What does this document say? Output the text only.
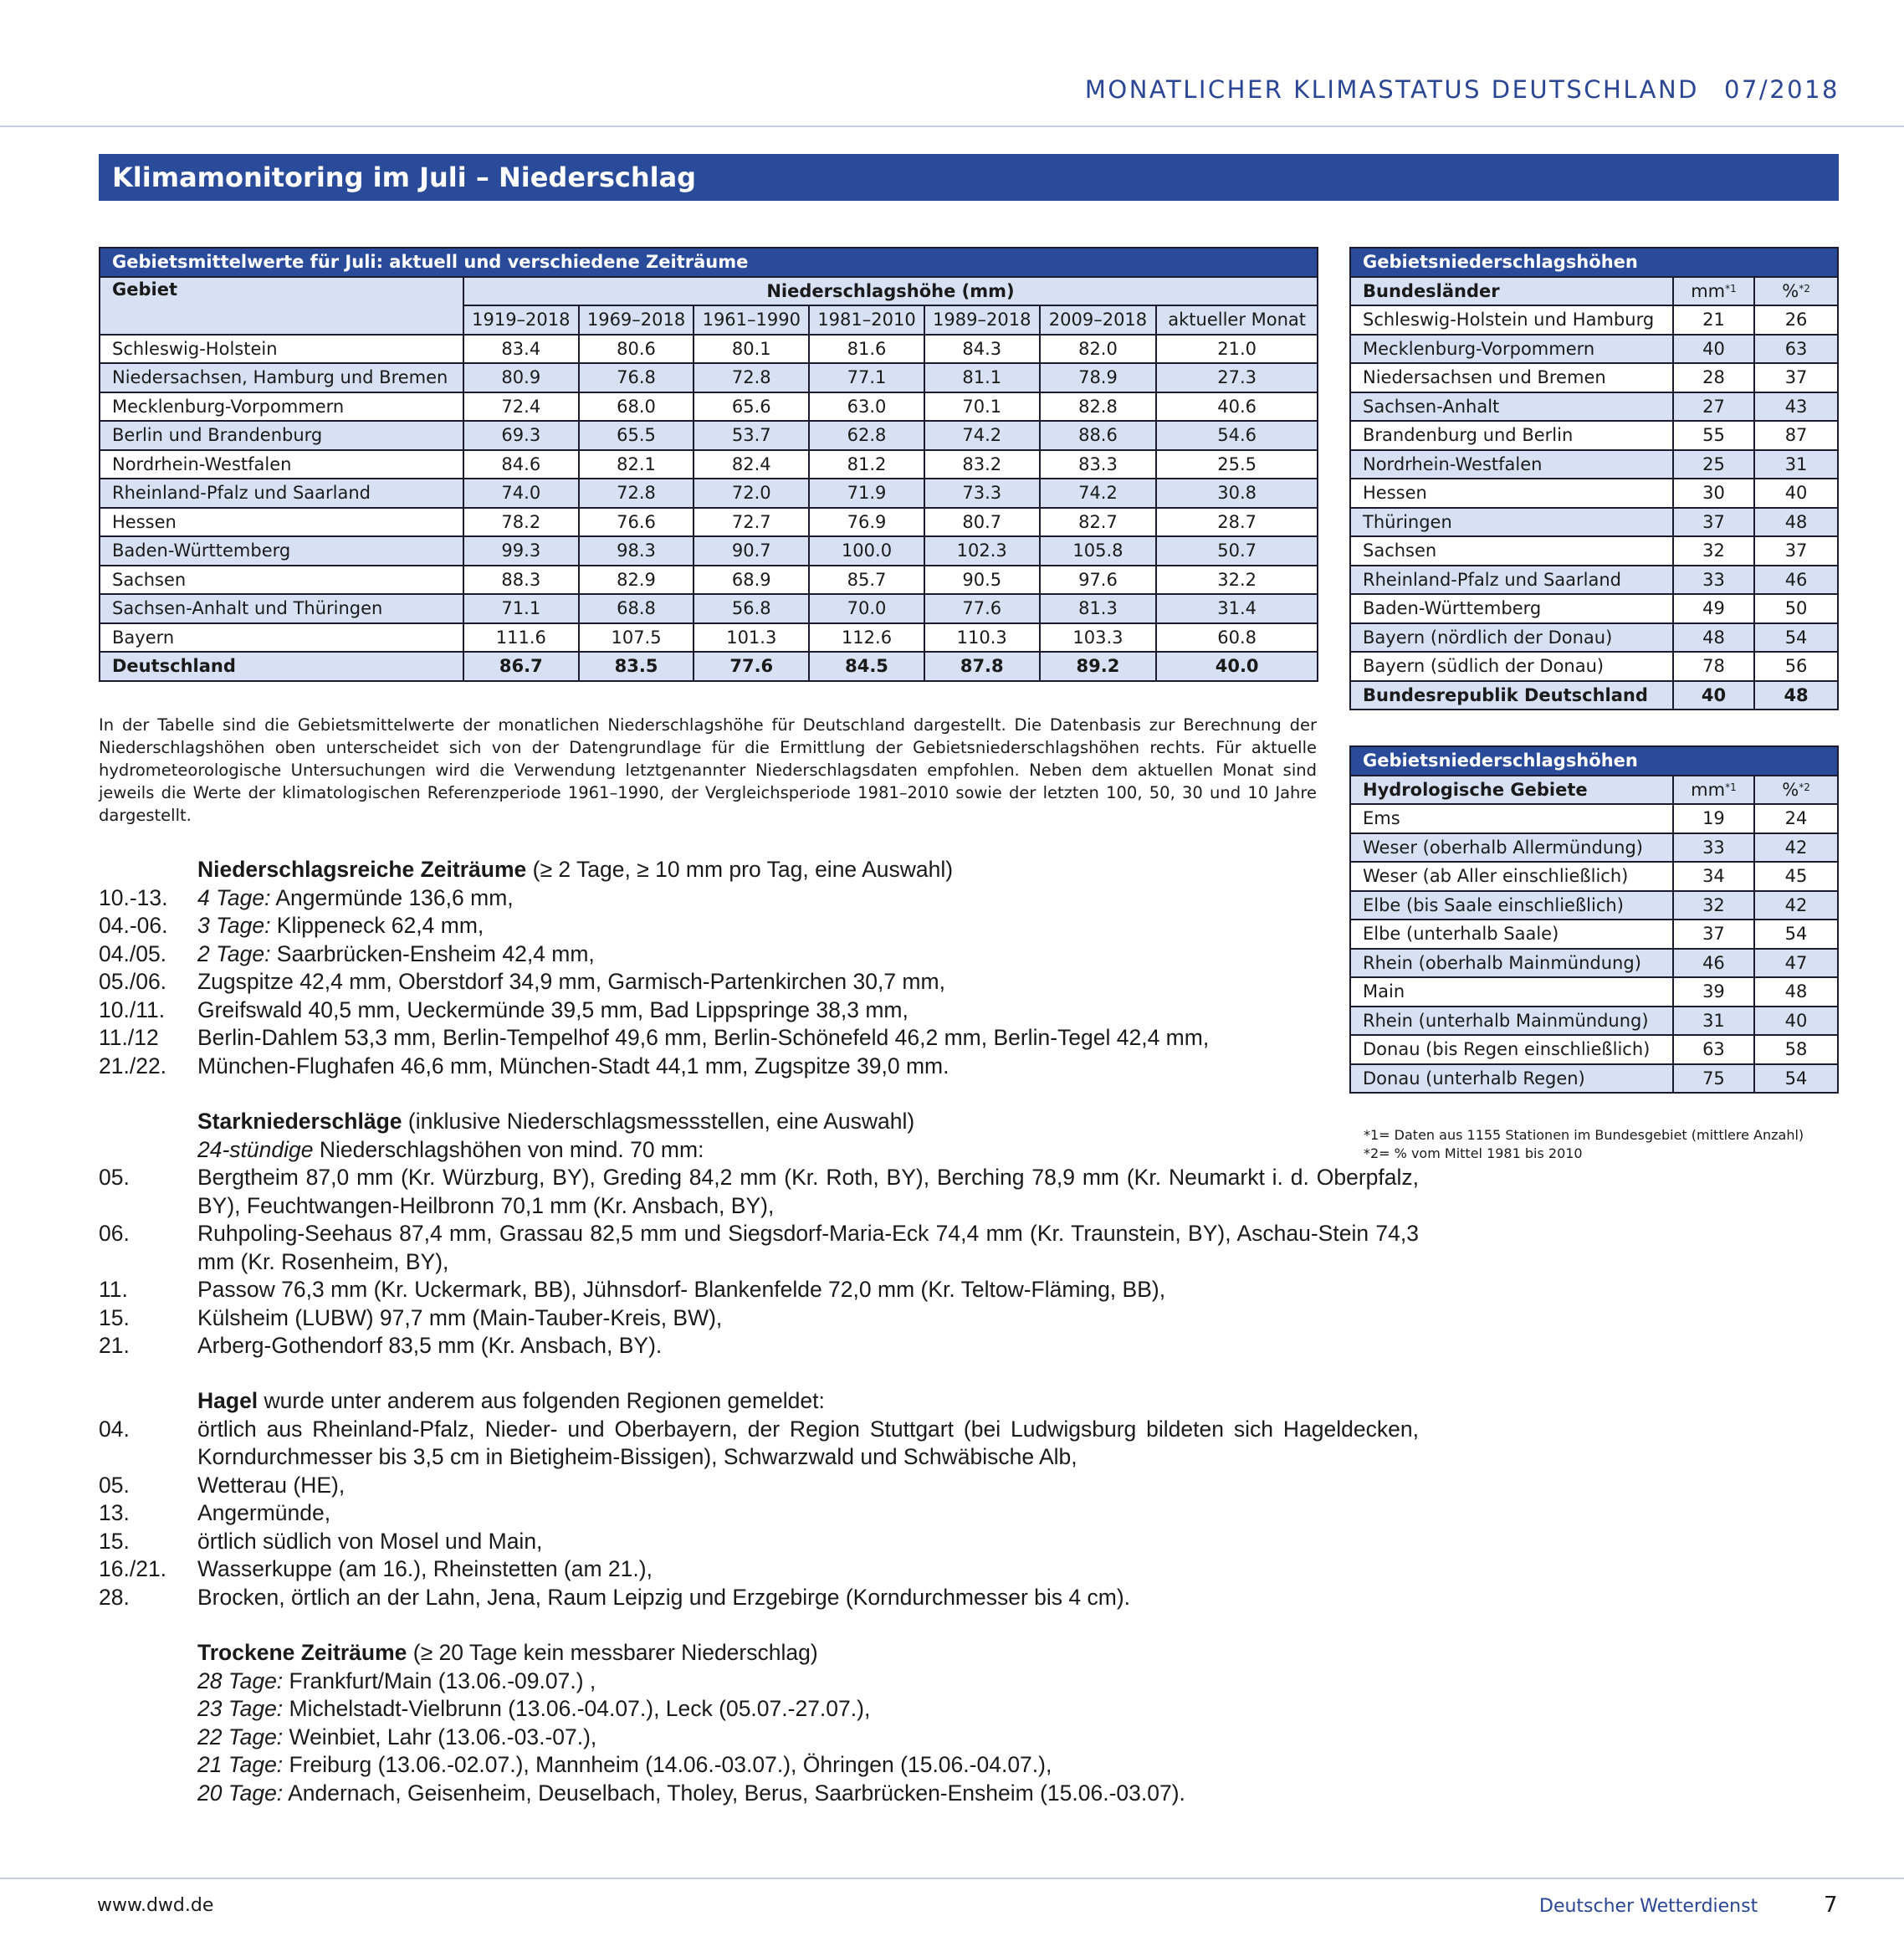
MONATLICHER KLIMASTATUS DEUTSCHLAND 07/2018
Klimamonitoring im Juli – Niederschlag
Gebietsmittelwerte für Juli: aktuell und verschiedene Zeiträume							
Gebiet	Niederschlagshöhe (mm)						
	1919–2018	1969–2018	1961–1990	1981–2010	1989–2018	2009–2018	aktueller Monat
Schleswig-Holstein	83.4	80.6	80.1	81.6	84.3	82.0	21.0
Niedersachsen, Hamburg und Bremen	80.9	76.8	72.8	77.1	81.1	78.9	27.3
Mecklenburg-Vorpommern	72.4	68.0	65.6	63.0	70.1	82.8	40.6
Berlin und Brandenburg	69.3	65.5	53.7	62.8	74.2	88.6	54.6
Nordrhein-Westfalen	84.6	82.1	82.4	81.2	83.2	83.3	25.5
Rheinland-Pfalz und Saarland	74.0	72.8	72.0	71.9	73.3	74.2	30.8
Hessen	78.2	76.6	72.7	76.9	80.7	82.7	28.7
Baden-Württemberg	99.3	98.3	90.7	100.0	102.3	105.8	50.7
Sachsen	88.3	82.9	68.9	85.7	90.5	97.6	32.2
Sachsen-Anhalt und Thüringen	71.1	68.8	56.8	70.0	77.6	81.3	31.4
Bayern	111.6	107.5	101.3	112.6	110.3	103.3	60.8
Deutschland	86.7	83.5	77.6	84.5	87.8	89.2	40.0
Gebietsniederschlagshöhen		
Bundesländer	$mm^{*1}$	%$^{*2}$
Schleswig-Holstein und Hamburg	21	26
Mecklenburg-Vorpommern	40	63
Niedersachsen und Bremen	28	37
Sachsen-Anhalt	27	43
Brandenburg und Berlin	55	87
Nordrhein-Westfalen	25	31
Hessen	30	40
Thüringen	37	48
Sachsen	32	37
Rheinland-Pfalz und Saarland	33	46
Baden-Württemberg	49	50
Bayern (nördlich der Donau)	48	54
Bayern (südlich der Donau)	78	56
Bundesrepublik Deutschland	40	48
Gebietsniederschlagshöhen		
Hydrologische Gebiete	$mm^{*1}$	%$^{*2}$
Ems	19	24
Weser (oberhalb Allermündung)	33	42
Weser (ab Aller einschließlich)	34	45
Elbe (bis Saale einschließlich)	32	42
Elbe (unterhalb Saale)	37	54
Rhein (oberhalb Mainmündung)	46	47
Main	39	48
Rhein (unterhalb Mainmündung)	31	40
Donau (bis Regen einschließlich)	63	58
Donau (unterhalb Regen)	75	54
*1= Daten aus 1155 Stationen im Bundesgebiet (mittlere Anzahl)
*2= % vom Mittel 1981 bis 2010
In der Tabelle sind die Gebietsmittelwerte der monatlichen Niederschlagshöhe für Deutschland dargestellt. Die Datenbasis zur Berechnung der Niederschlagshöhen oben unterscheidet sich von der Datengrundlage für die Ermittlung der Gebietsniederschlagshöhen rechts. Für aktuelle hydrometeorologische Untersuchungen wird die Verwendung letztgenannter Niederschlagsdaten empfohlen. Neben dem aktuellen Monat sind jeweils die Werte der klimatologischen Referenzperiode 1961–1990, der Vergleichsperiode 1981–2010 sowie der letzten 100, 50, 30 und 10 Jahre dargestellt.
Niederschlagsreiche Zeiträume (≥ 2 Tage, ≥ 10 mm pro Tag, eine Auswahl)
10.-13.	4 Tage: Angermünde 136,6 mm,
04.-06.	3 Tage: Klippeneck 62,4 mm,
04./05.	2 Tage: Saarbrücken-Ensheim 42,4 mm,
05./06.	Zugspitze 42,4 mm, Oberstdorf 34,9 mm, Garmisch-Partenkirchen 30,7 mm,
10./11.	Greifswald 40,5 mm, Ueckermünde 39,5 mm, Bad Lippspringe 38,3 mm,
11./12	Berlin-Dahlem 53,3 mm, Berlin-Tempelhof 49,6 mm, Berlin-Schönefeld 46,2 mm, Berlin-Tegel 42,4 mm,
21./22.	München-Flughafen 46,6 mm, München-Stadt 44,1 mm, Zugspitze 39,0 mm.
Starkniederschläge (inklusive Niederschlagsmessstellen, eine Auswahl)
24-stündige Niederschlagshöhen von mind. 70 mm:
05.	Bergtheim 87,0 mm (Kr. Würzburg, BY), Greding 84,2 mm (Kr. Roth, BY), Berching 78,9 mm (Kr. Neumarkt i. d. Oberpfalz, BY), Feuchtwangen-Heilbronn 70,1 mm (Kr. Ansbach, BY),
06.	Ruhpoling-Seehaus 87,4 mm, Grassau 82,5 mm und Siegsdorf-Maria-Eck 74,4 mm (Kr. Traunstein, BY), Aschau-Stein 74,3 mm (Kr. Rosenheim, BY),
11.	Passow 76,3 mm (Kr. Uckermark, BB), Jühnsdorf- Blankenfelde 72,0 mm (Kr. Teltow-Fläming, BB),
15.	Külsheim (LUBW) 97,7 mm (Main-Tauber-Kreis, BW),
21.	Arberg-Gothendorf 83,5 mm (Kr. Ansbach, BY).
Hagel wurde unter anderem aus folgenden Regionen gemeldet:
04.	örtlich aus Rheinland-Pfalz, Nieder- und Oberbayern, der Region Stuttgart (bei Ludwigsburg bildeten sich Hageldecken, Korndurchmesser bis 3,5 cm in Bietigheim-Bissigen), Schwarzwald und Schwäbische Alb,
05.	Wetterau (HE),
13.	Angermünde,
15.	örtlich südlich von Mosel und Main,
16./21.	Wasserkuppe (am 16.), Rheinstetten (am 21.),
28.	Brocken, örtlich an der Lahn, Jena, Raum Leipzig und Erzgebirge (Korndurchmesser bis 4 cm).
Trockene Zeiträume (≥ 20 Tage kein messbarer Niederschlag)
28 Tage: Frankfurt/Main (13.06.-09.07.) ,
23 Tage: Michelstadt-Vielbrunn (13.06.-04.07.), Leck (05.07.-27.07.),
22 Tage: Weinbiet, Lahr (13.06.-03.-07.),
21 Tage: Freiburg (13.06.-02.07.), Mannheim (14.06.-03.07.), Öhringen (15.06.-04.07.),
20 Tage: Andernach, Geisenheim, Deuselbach, Tholey, Berus, Saarbrücken-Ensheim (15.06.-03.07).
www.dwd.de	Deutscher Wetterdienst	7
